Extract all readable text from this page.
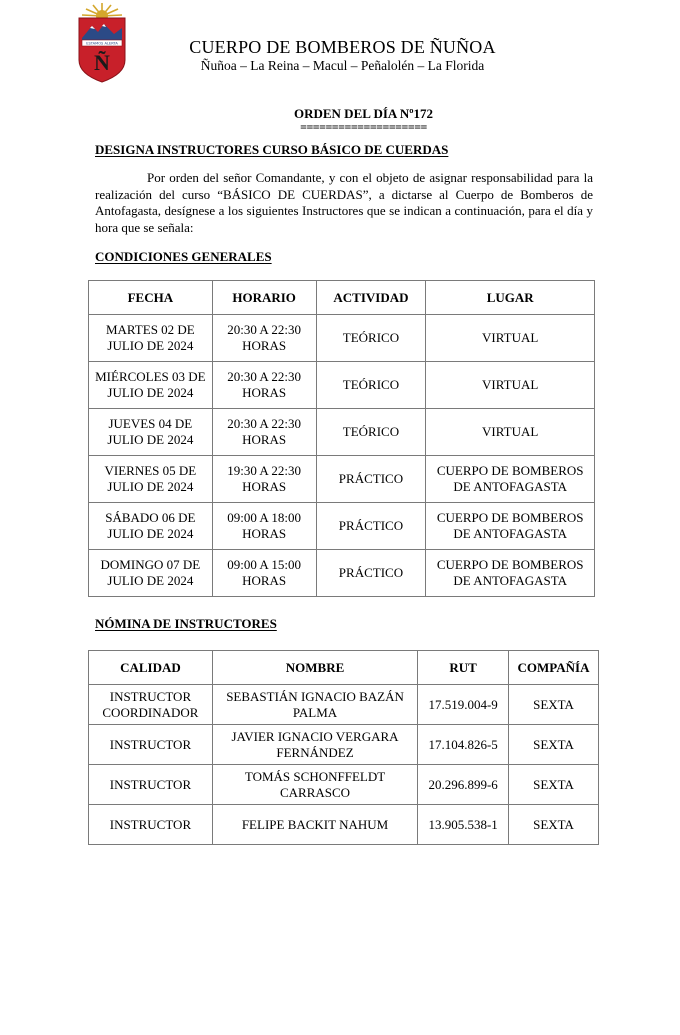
ESTAMOS ALERTA
Ñ
CUERPO DE BOMBEROS DE ÑUÑOA
Ñuñoa – La Reina – Macul – Peñalolén – La Florida
ORDEN DEL DÍA Nº172
====================
DESIGNA INSTRUCTORES CURSO BÁSICO DE CUERDAS

Por orden del señor Comandante, y con el objeto de asignar responsabilidad para la realización del curso “BÁSICO DE CUERDAS”, a dictarse al Cuerpo de Bomberos de Antofagasta, desígnese a los siguientes Instructores que se indican a continuación, para el día y hora que se señala:

CONDICIONES GENERALES
FECHA	HORARIO	ACTIVIDAD	LUGAR
MARTES 02 DE JULIO DE 2024	20:30 A 22:30 HORAS	TEÓRICO	VIRTUAL
MIÉRCOLES 03 DE JULIO DE 2024	20:30 A 22:30 HORAS	TEÓRICO	VIRTUAL
JUEVES 04 DE JULIO DE 2024	20:30 A 22:30 HORAS	TEÓRICO	VIRTUAL
VIERNES 05 DE JULIO DE 2024	19:30 A 22:30 HORAS	PRÁCTICO	CUERPO DE BOMBEROS DE ANTOFAGASTA
SÁBADO 06 DE JULIO DE 2024	09:00 A 18:00 HORAS	PRÁCTICO	CUERPO DE BOMBEROS DE ANTOFAGASTA
DOMINGO 07 DE JULIO DE 2024	09:00 A 15:00 HORAS	PRÁCTICO	CUERPO DE BOMBEROS DE ANTOFAGASTA
NÓMINA DE INSTRUCTORES
CALIDAD	NOMBRE	RUT	COMPAÑÍA
INSTRUCTOR COORDINADOR	SEBASTIÁN IGNACIO BAZÁN PALMA	17.519.004-9	SEXTA
INSTRUCTOR	JAVIER IGNACIO VERGARA FERNÁNDEZ	17.104.826-5	SEXTA
INSTRUCTOR	TOMÁS SCHONFFELDT CARRASCO	20.296.899-6	SEXTA
INSTRUCTOR	FELIPE BACKIT NAHUM	13.905.538-1	SEXTA
